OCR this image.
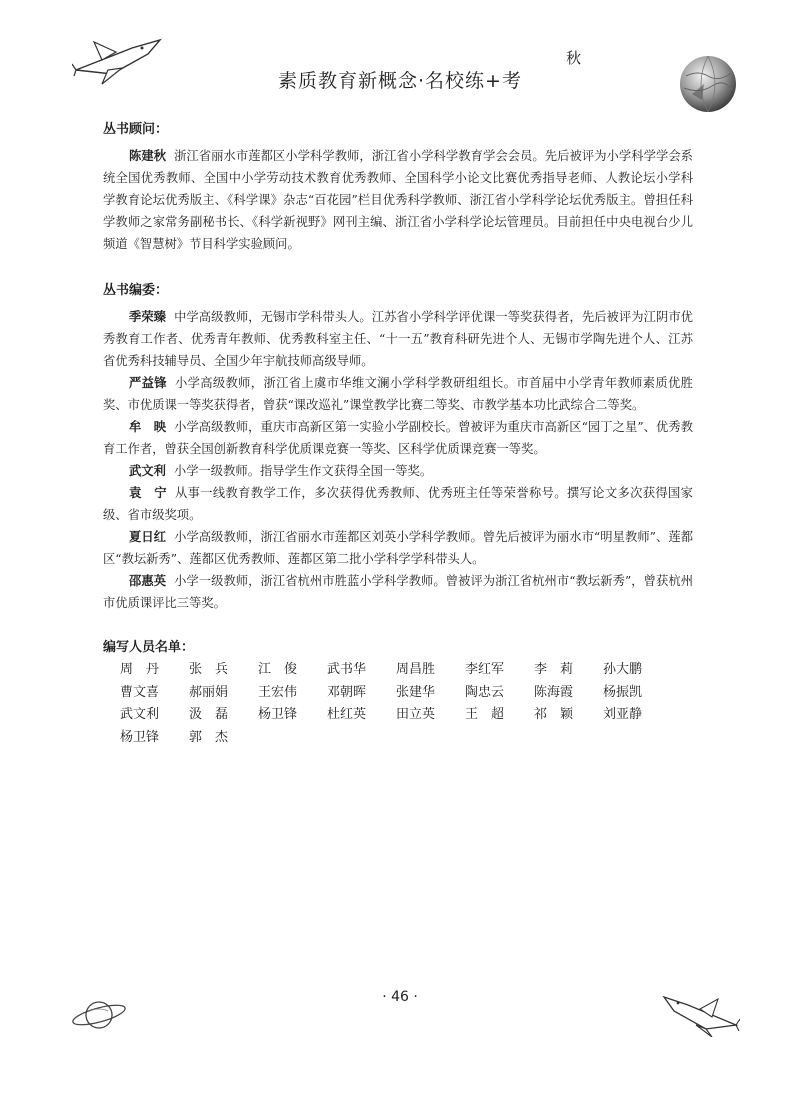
秋
素质教育新概念·名校练+考
丛书顾问：

陈建秋 浙江省丽水市莲都区小学科学教师，浙江省小学科学教育学会会员。先后被评为小学科学学会系统全国优秀教师、全国中小学劳动技术教育优秀教师、全国科学小论文比赛优秀指导老师、人教论坛小学科学教育论坛优秀版主、《科学课》杂志“百花园”栏目优秀科学教师、浙江省小学科学论坛优秀版主。曾担任科学教师之家常务副秘书长、《科学新视野》网刊主编、浙江省小学科学论坛管理员。目前担任中央电视台少儿频道《智慧树》节目科学实验顾问。

丛书编委：

季荣臻 中学高级教师，无锡市学科带头人。江苏省小学科学评优课一等奖获得者，先后被评为江阴市优秀教育工作者、优秀青年教师、优秀教科室主任、“十一五”教育科研先进个人、无锡市学陶先进个人、江苏省优秀科技辅导员、全国少年宇航技师高级导师。

严益锋 小学高级教师，浙江省上虞市华维文澜小学科学教研组组长。市首届中小学青年教师素质优胜奖、市优质课一等奖获得者，曾获“课改巡礼”课堂教学比赛二等奖、市教学基本功比武综合二等奖。

牟　映 小学高级教师，重庆市高新区第一实验小学副校长。曾被评为重庆市高新区“园丁之星”、优秀教育工作者，曾获全国创新教育科学优质课竞赛一等奖、区科学优质课竞赛一等奖。

武文利 小学一级教师。指导学生作文获得全国一等奖。

袁　宁 从事一线教育教学工作，多次获得优秀教师、优秀班主任等荣誉称号。撰写论文多次获得国家级、省市级奖项。

夏日红 小学高级教师，浙江省丽水市莲都区刘英小学科学教师。曾先后被评为丽水市“明星教师”、莲都区“教坛新秀”、莲都区优秀教师、莲都区第二批小学科学学科带头人。

邵惠英 小学一级教师，浙江省杭州市胜蓝小学科学教师。曾被评为浙江省杭州市“教坛新秀”，曾获杭州市优质课评比三等奖。

编写人员名单：
周　丹	张　兵	江　俊	武书华	周昌胜	李红军	李　莉	孙大鹏
曹文喜	郝丽娟	王宏伟	邓朝晖	张建华	陶忠云	陈海霞	杨振凯
武文利	汲　磊	杨卫锋	杜红英	田立英	王　超	祁　颖	刘亚静
杨卫锋	郭　杰
· 46 ·
